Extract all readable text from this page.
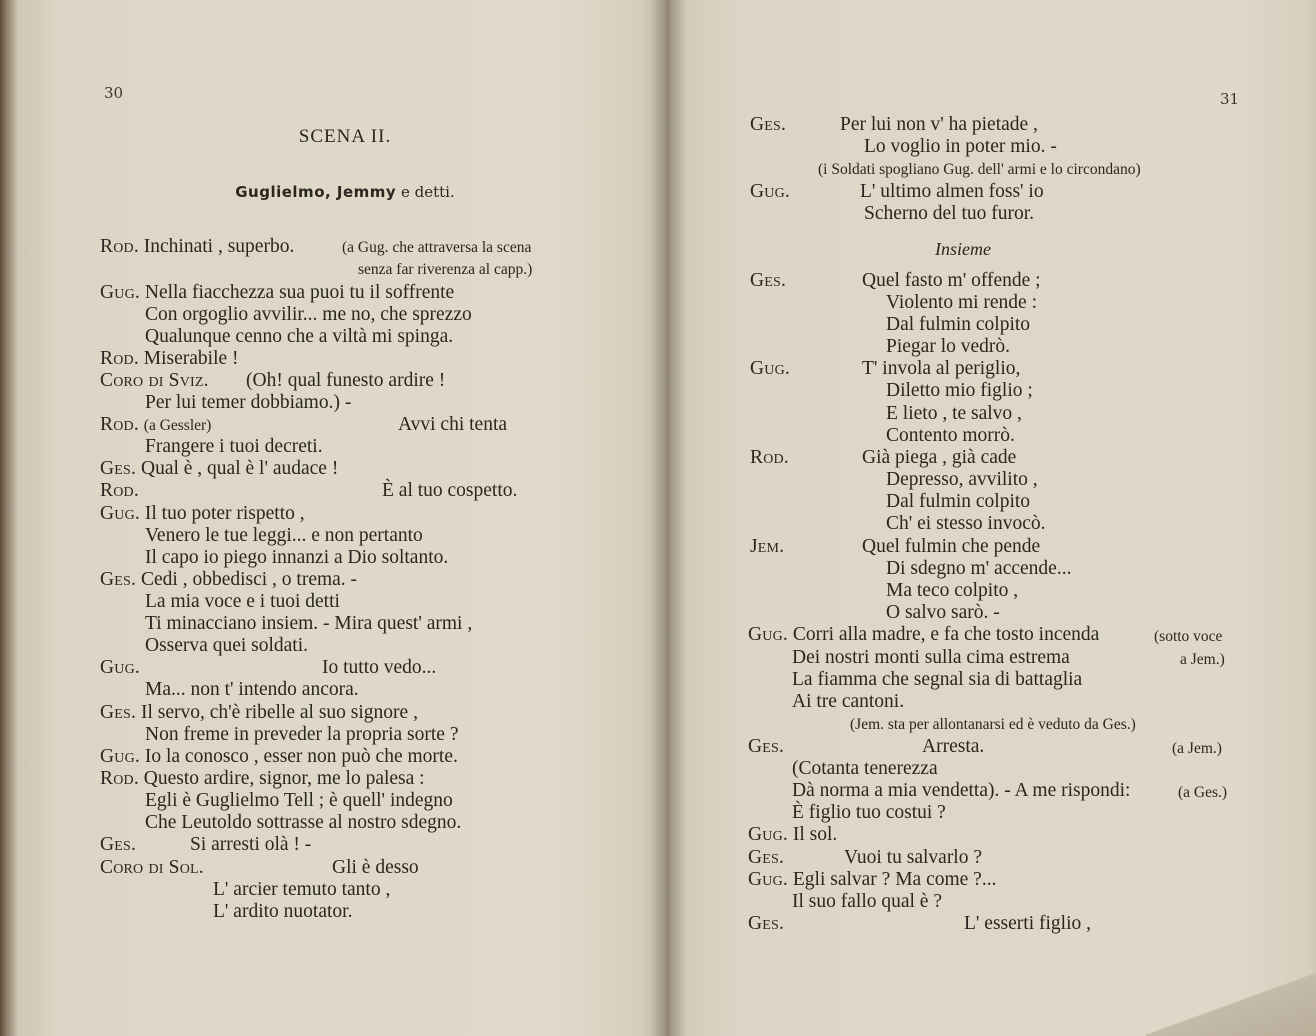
30
SCENA II.
Guglielmo, Jemmy e detti.
Rod. Inchinati , superbo.	(a Gug. che attraversa la scena
senza far riverenza al capp.)
Gug. Nella fiacchezza sua puoi tu il soffrente
Con orgoglio avvilir... me no, che sprezzo
Qualunque cenno che a viltà mi spinga.
Rod. Miserabile !
Coro di Sviz. (Oh! qual funesto ardire !
Per lui temer dobbiamo.) -
Rod. (a Gessler)	Avvi chi tenta
Frangere i tuoi decreti.
Ges. Qual è , qual è l' audace !
Rod.	È al tuo cospetto.
Gug. Il tuo poter rispetto ,
Venero le tue leggi... e non pertanto
Il capo io piego innanzi a Dio soltanto.
Ges. Cedi , obbedisci , o trema. -
La mia voce e i tuoi detti
Ti minacciano insiem. - Mira quest' armi ,
Osserva quei soldati.
Gug.	Io tutto vedo...
Ma... non t' intendo ancora.
Ges. Il servo, ch'è ribelle al suo signore ,
Non freme in preveder la propria sorte ?
Gug. Io la conosco , esser non può che morte.
Rod. Questo ardire, signor, me lo palesa :
Egli è Guglielmo Tell ; è quell' indegno
Che Leutoldo sottrasse al nostro sdegno.
Ges.	Si arresti olà ! -
Coro di Sol.	Gli è desso
L' arcier temuto tanto ,
L' ardito nuotator.
31
Ges.	Per lui non v' ha pietade ,
Lo voglio in poter mio. -
(i Soldati spogliano Gug. dell' armi e lo circondano)
Gug.	L' ultimo almen foss' io
Scherno del tuo furor.
Insieme
Ges.	Quel fasto m' offende ;
Violento mi rende :
Dal fulmin colpito
Piegar lo vedrò.
Gug.	T' invola al periglio,
Diletto mio figlio ;
E lieto , te salvo ,
Contento morrò.
Rod.	Già piega , già cade
Depresso, avvilito ,
Dal fulmin colpito
Ch' ei stesso invocò.
Jem.	Quel fulmin che pende
Di sdegno m' accende...
Ma teco colpito ,
O salvo sarò. -
Gug. Corri alla madre, e fa che tosto incenda	(sotto voce
Dei nostri monti sulla cima estrema	a Jem.)
La fiamma che segnal sia di battaglia
Ai tre cantoni.
(Jem. sta per allontanarsi ed è veduto da Ges.)
Ges.	Arresta.	(a Jem.)
(Cotanta tenerezza
Dà norma a mia vendetta). - A me rispondi:	(a Ges.)
È figlio tuo costui ?
Gug. Il sol.
Ges.	Vuoi tu salvarlo ?
Gug. Egli salvar ? Ma come ?...
Il suo fallo qual è ?
Ges.	L' esserti figlio ,
